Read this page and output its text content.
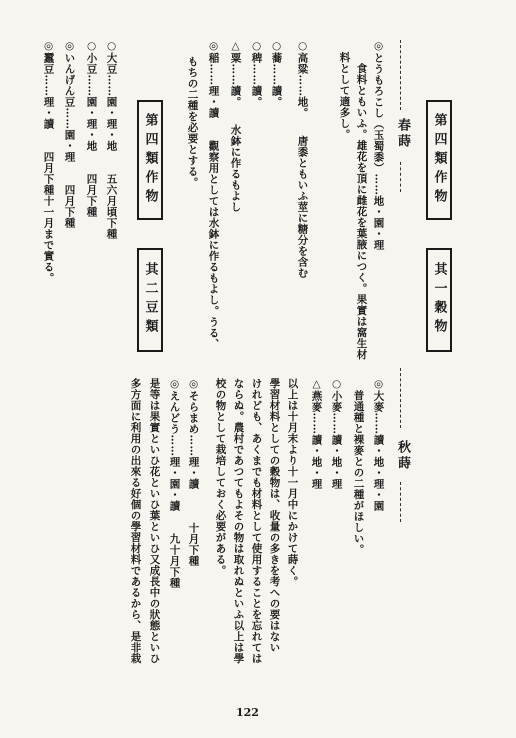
第四類作物
其一穀物
春蒔
◎とうもろこし（玉蜀黍）……地・園・理
　食料ともいふ。雄花を頂に雌花を葉腋につく。果實は窩生材
料として適多し。
○高粱……地。　　唐黍ともいふ莖に糖分を含む
○蕎……讀。
○稗……讀。
△粟……讀。　　水鉢に作るもよし
◎稲……理・讀　　觀察用としては水鉢に作るもよし。うる、
もちの二種を必要とする。
秋蒔
◎大麥……讀・地・理・園
普通種と裸麥との二種がほしい。
○小麥……讀・地・理
△燕麥……讀・地・理
以上は十月末より十一月中にかけて蒔く。
學習材料としての穀物は、收量の多きを考への要はない
けれども、あくまでも材料として使用することを忘れては
ならぬ。農村であつてもよその物は取れぬといふ以上は學
校の物として栽培しておく必要がある。
第四類作物
其二豆類
○大豆……園・理・地　　五六月頃下種
○小豆……園・理・地　　四月下種
◎いんげん豆……園・理　　四月下種
◎蠶豆……理・讀　　四月下種十一月まで實る。
◎そらまめ……理・讀　　　十月下種
◎えんどう……理・園・讀　　九十月下種
是等は果實といひ花といひ葉といひ又成長中の狀態といひ
多方面に利用の出來る好個の學習材料であるから、是非栽
122
